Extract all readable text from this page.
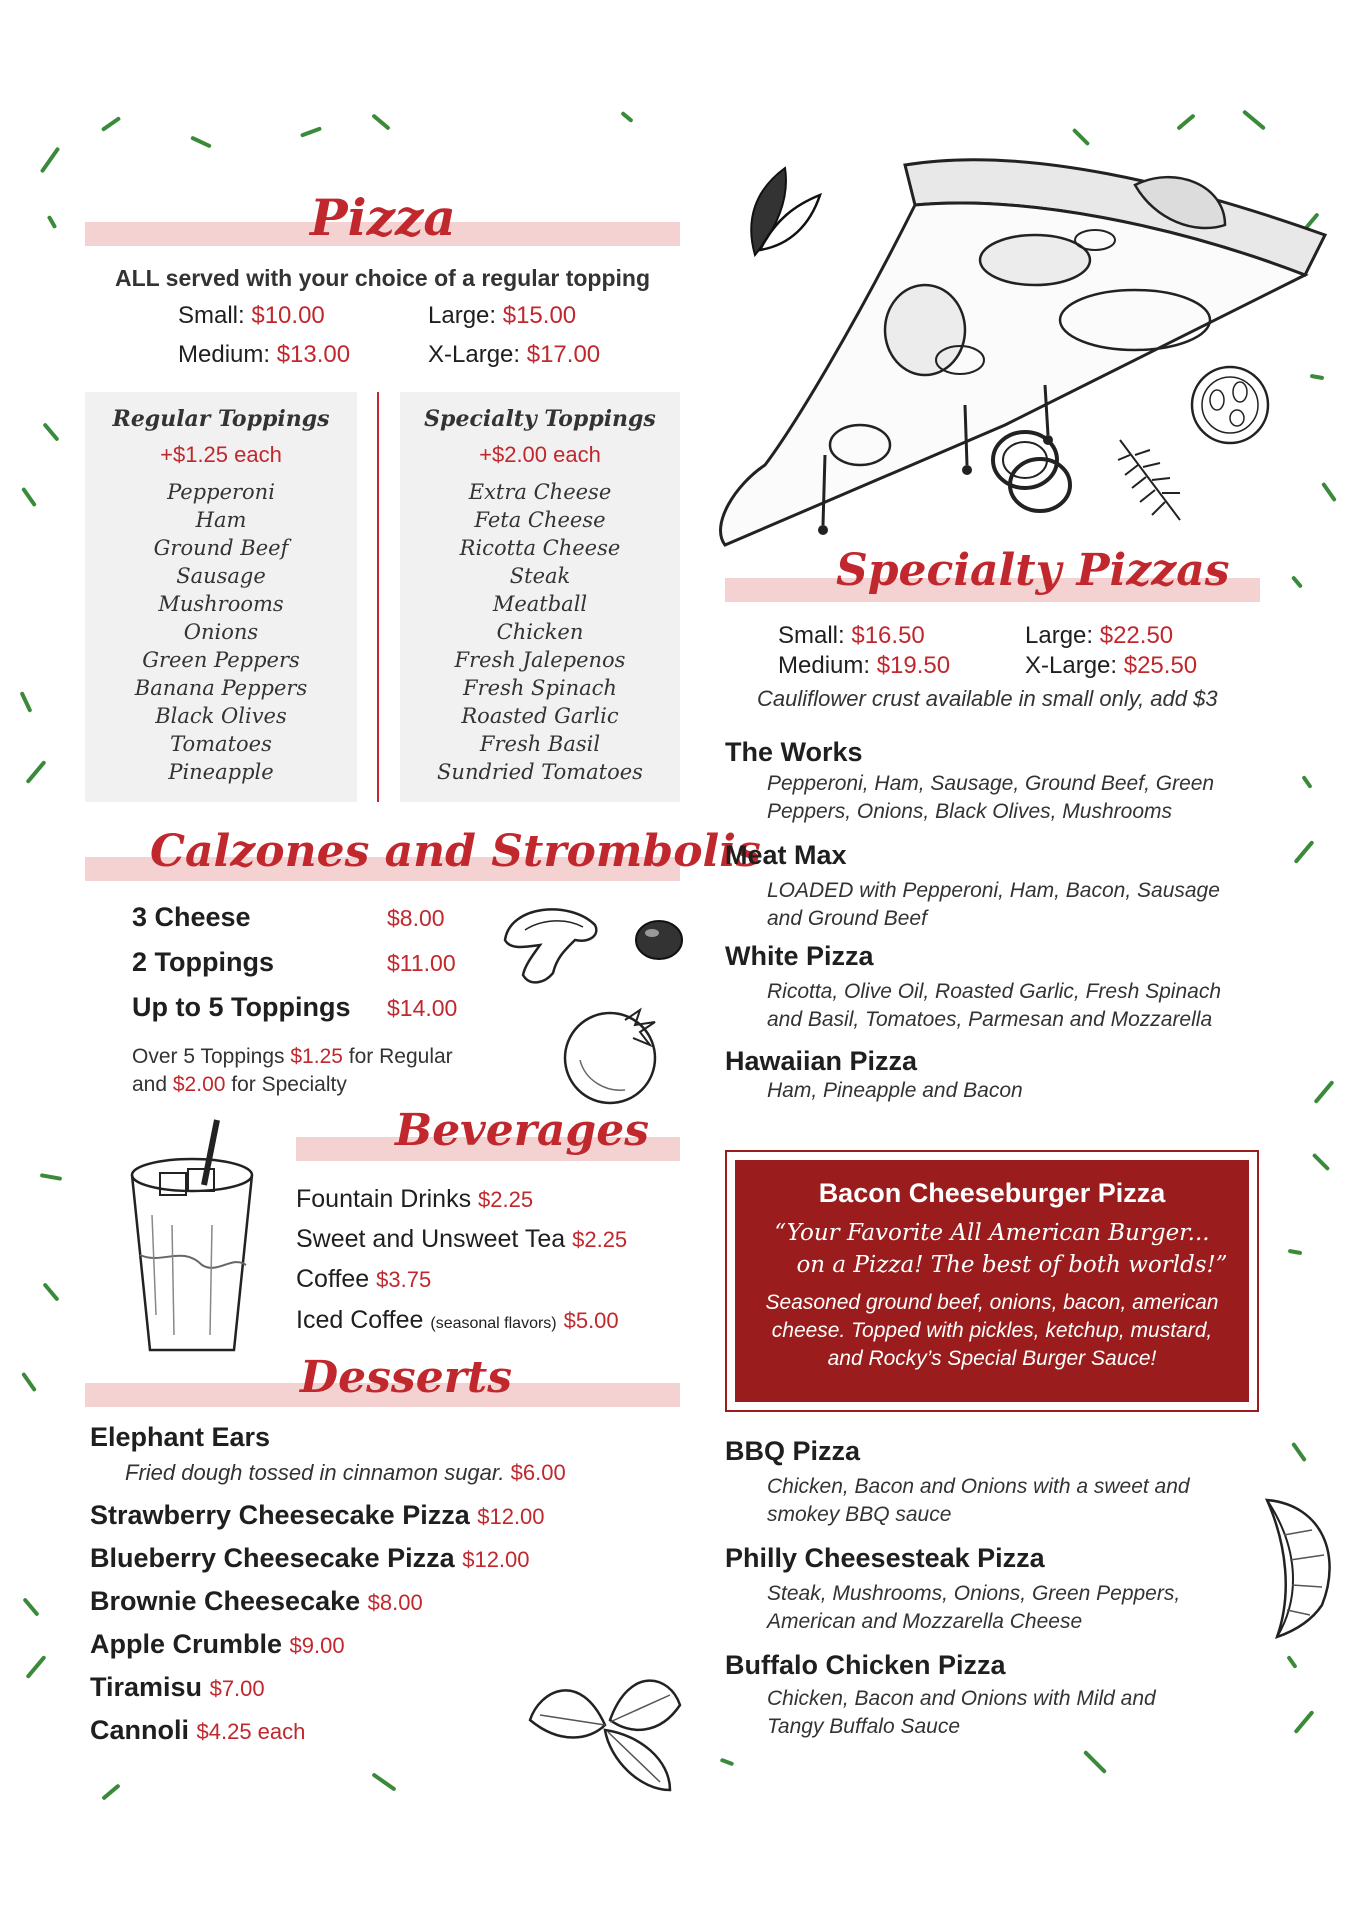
Pizza
ALL served with your choice of a regular topping
Small: $10.00	Large: $15.00
Medium: $13.00	X-Large: $17.00
Regular Toppings
+$1.25 each
Pepperoni
Ham
Ground Beef
Sausage
Mushrooms
Onions
Green Peppers
Banana Peppers
Black Olives
Tomatoes
Pineapple
Specialty Toppings
+$2.00 each
Extra Cheese
Feta Cheese
Ricotta Cheese
Steak
Meatball
Chicken
Fresh Jalepenos
Fresh Spinach
Roasted Garlic
Fresh Basil
Sundried Tomatoes
Calzones and Strombolis
3 Cheese	$8.00
2 Toppings	$11.00
Up to 5 Toppings $14.00
Over 5 Toppings $1.25 for Regular
and $2.00 for Specialty
Beverages
Fountain Drinks $2.25
Sweet and Unsweet Tea $2.25
Coffee $3.75
Iced Coffee (seasonal flavors) $5.00
Desserts
Elephant Ears
Fried dough tossed in cinnamon sugar. $6.00
Strawberry Cheesecake Pizza $12.00
Blueberry Cheesecake Pizza $12.00
Brownie Cheesecake $8.00
Apple Crumble $9.00
Tiramisu $7.00
Cannoli $4.25 each
Specialty Pizzas
Small: $16.50	Large: $22.50
Medium: $19.50	X-Large: $25.50
Cauliflower crust available in small only, add $3
The Works
Pepperoni, Ham, Sausage, Ground Beef, Green
Peppers, Onions, Black Olives, Mushrooms
Meat Max
LOADED with Pepperoni, Ham, Bacon, Sausage
and Ground Beef
White Pizza
Ricotta, Olive Oil, Roasted Garlic, Fresh Spinach
and Basil, Tomatoes, Parmesan and Mozzarella
Hawaiian Pizza
Ham, Pineapple and Bacon
Bacon Cheeseburger Pizza
“Your Favorite All American Burger...
on a Pizza! The best of both worlds!”
Seasoned ground beef, onions, bacon, american
cheese. Topped with pickles, ketchup, mustard,
and Rocky’s Special Burger Sauce!
BBQ Pizza
Chicken, Bacon and Onions with a sweet and
smokey BBQ sauce
Philly Cheesesteak Pizza
Steak, Mushrooms, Onions, Green Peppers,
American and Mozzarella Cheese
Buffalo Chicken Pizza
Chicken, Bacon and Onions with Mild and
Tangy Buffalo Sauce
